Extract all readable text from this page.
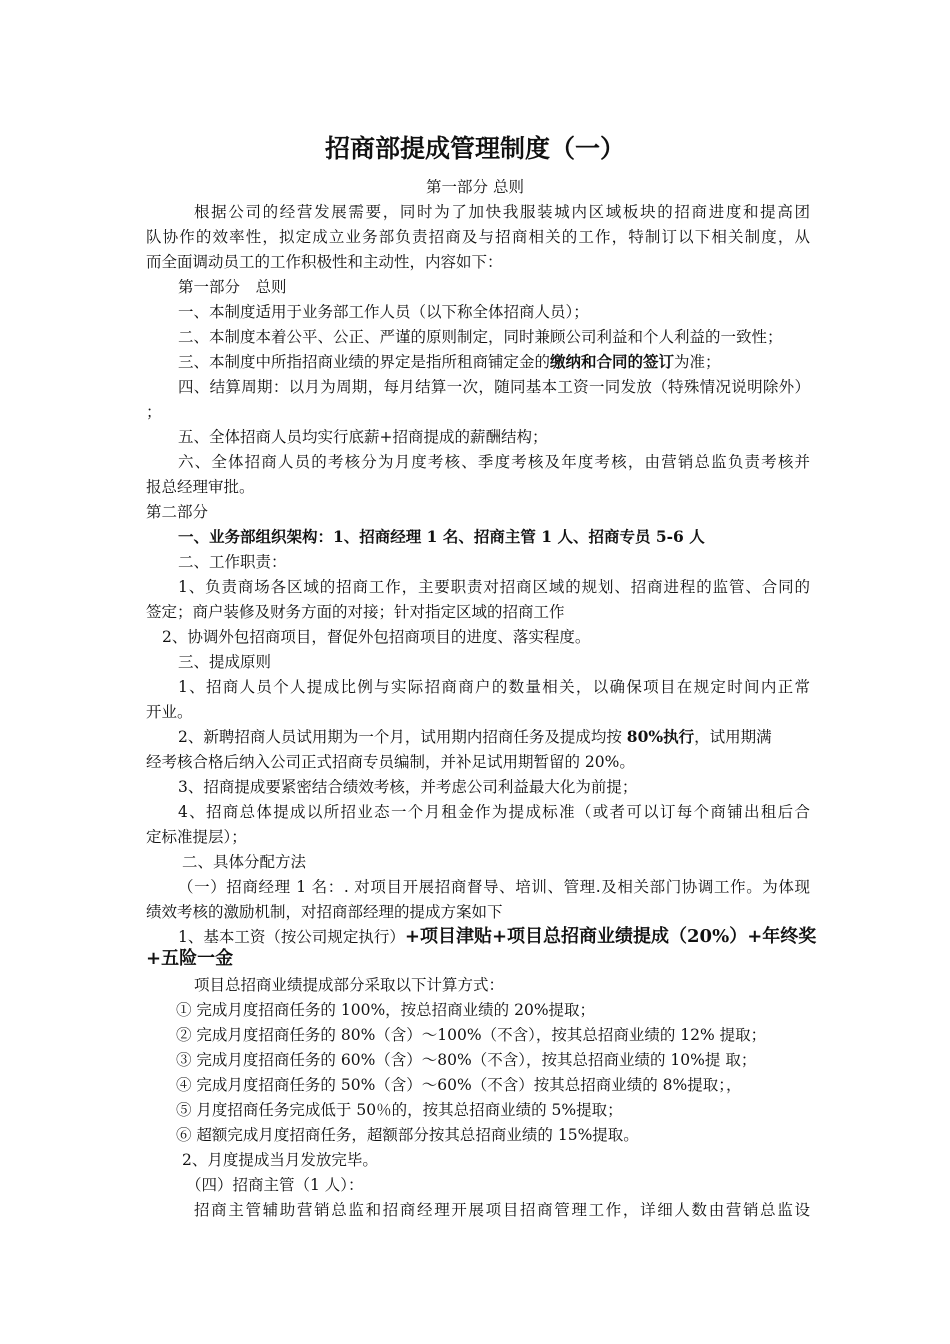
招商部提成管理制度（一）
第一部分 总则
根据公司的经营发展需要，同时为了加快我服装城内区域板块的招商进度和提高团
队协作的效率性，拟定成立业务部负责招商及与招商相关的工作，特制订以下相关制度，从
而全面调动员工的工作积极性和主动性，内容如下：
第一部分　总则
一、本制度适用于业务部工作人员（以下称全体招商人员）；
二、本制度本着公平、公正、严谨的原则制定，同时兼顾公司利益和个人利益的一致性；
三、本制度中所指招商业绩的界定是指所租商铺定金的缴纳和合同的签订为准；
四、结算周期：以月为周期，每月结算一次，随同基本工资一同发放（特殊情况说明除外）
；
五、全体招商人员均实行底薪+招商提成的薪酬结构；
六、全体招商人员的考核分为月度考核、季度考核及年度考核，由营销总监负责考核并
报总经理审批。
第二部分
一、业务部组织架构：1、招商经理 1 名、招商主管 1 人、招商专员 5-6 人
二、工作职责：
1、负责商场各区域的招商工作，主要职责对招商区域的规划、招商进程的监管、合同的
签定；商户装修及财务方面的对接；针对指定区域的招商工作
2、协调外包招商项目，督促外包招商项目的进度、落实程度。
三、提成原则
1、招商人员个人提成比例与实际招商商户的数量相关，以确保项目在规定时间内正常
开业。
2、新聘招商人员试用期为一个月，试用期内招商任务及提成均按 80%执行，试用期满
经考核合格后纳入公司正式招商专员编制，并补足试用期暂留的 20%。
3、招商提成要紧密结合绩效考核，并考虑公司利益最大化为前提；
4、招商总体提成以所招业态一个月租金作为提成标准（或者可以订每个商铺出租后合
定标准提层）；
二、具体分配方法
（一）招商经理 1 名：. 对项目开展招商督导、培训、管理.及相关部门协调工作。为体现
绩效考核的激励机制，对招商部经理的提成方案如下
1、基本工资（按公司规定执行）+项目津贴+项目总招商业绩提成（20%）+年终奖
+五险一金
项目总招商业绩提成部分采取以下计算方式：
① 完成月度招商任务的 100%，按总招商业绩的 20%提取；
② 完成月度招商任务的 80%（含）～100%（不含），按其总招商业绩的 12% 提取；
③ 完成月度招商任务的 60%（含）～80%（不含），按其总招商业绩的 10%提 取；
④ 完成月度招商任务的 50%（含）～60%（不含）按其总招商业绩的 8%提取；，
⑤ 月度招商任务完成低于 50％的，按其总招商业绩的 5%提取；
⑥ 超额完成月度招商任务，超额部分按其总招商业绩的 15%提取。
2、月度提成当月发放完毕。
（四）招商主管（1 人）：
招商主管辅助营销总监和招商经理开展项目招商管理工作，详细人数由营销总监设
